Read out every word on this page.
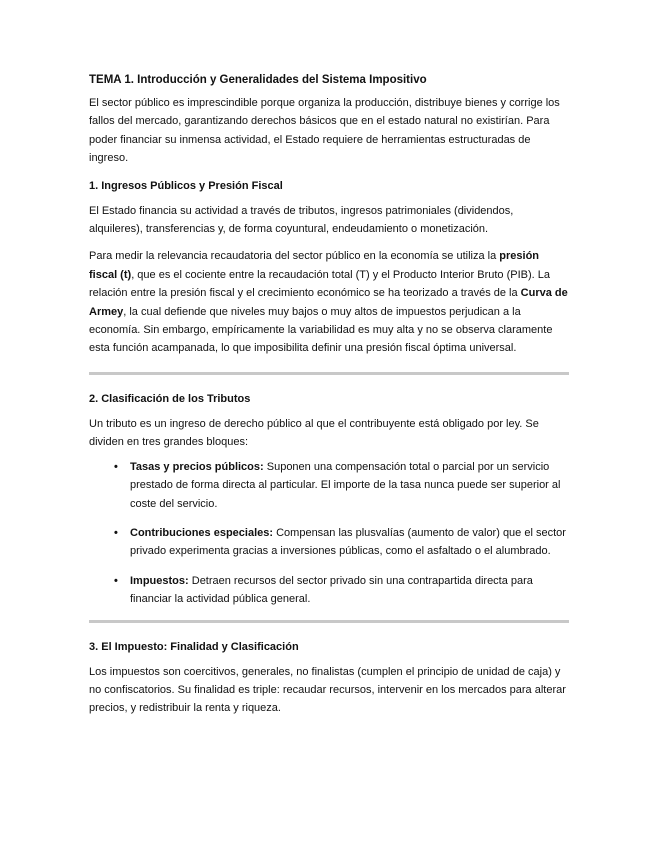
TEMA 1. Introducción y Generalidades del Sistema Impositivo

El sector público es imprescindible porque organiza la producción, distribuye bienes y corrige los fallos del mercado, garantizando derechos básicos que en el estado natural no existirían. Para poder financiar su inmensa actividad, el Estado requiere de herramientas estructuradas de ingreso.

1. Ingresos Públicos y Presión Fiscal

El Estado financia su actividad a través de tributos, ingresos patrimoniales (dividendos, alquileres), transferencias y, de forma coyuntural, endeudamiento o monetización.

Para medir la relevancia recaudatoria del sector público en la economía se utiliza la presión fiscal (t), que es el cociente entre la recaudación total (T) y el Producto Interior Bruto (PIB). La relación entre la presión fiscal y el crecimiento económico se ha teorizado a través de la Curva de Armey, la cual defiende que niveles muy bajos o muy altos de impuestos perjudican a la economía. Sin embargo, empíricamente la variabilidad es muy alta y no se observa claramente esta función acampanada, lo que imposibilita definir una presión fiscal óptima universal.

2. Clasificación de los Tributos

Un tributo es un ingreso de derecho público al que el contribuyente está obligado por ley. Se dividen en tres grandes bloques:

• Tasas y precios públicos: Suponen una compensación total o parcial por un servicio prestado de forma directa al particular. El importe de la tasa nunca puede ser superior al coste del servicio.
• Contribuciones especiales: Compensan las plusvalías (aumento de valor) que el sector privado experimenta gracias a inversiones públicas, como el asfaltado o el alumbrado.
• Impuestos: Detraen recursos del sector privado sin una contrapartida directa para financiar la actividad pública general.

3. El Impuesto: Finalidad y Clasificación

Los impuestos son coercitivos, generales, no finalistas (cumplen el principio de unidad de caja) y no confiscatorios. Su finalidad es triple: recaudar recursos, intervenir en los mercados para alterar precios, y redistribuir la renta y riqueza.
